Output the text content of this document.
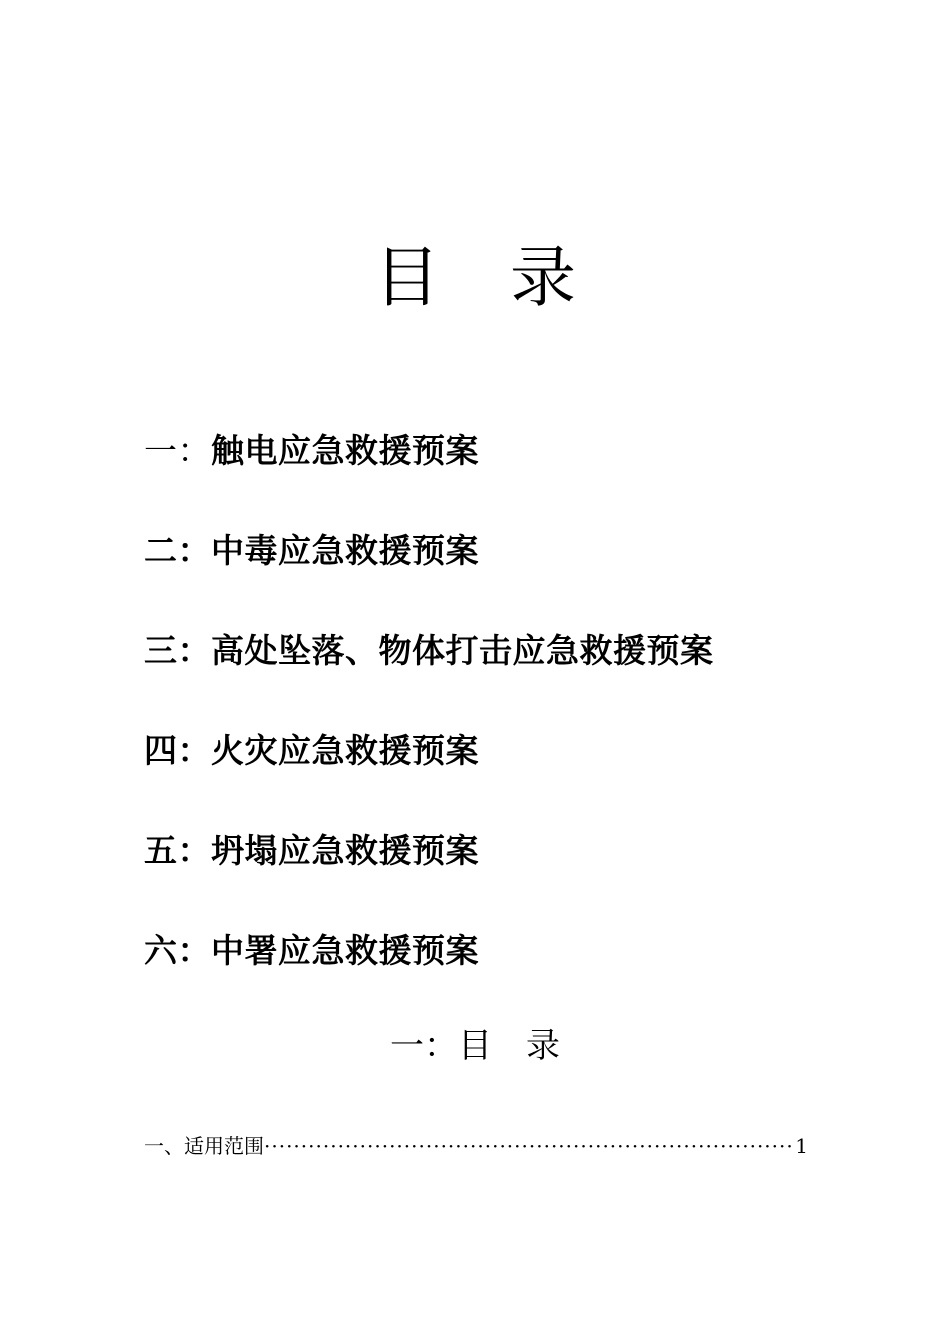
目 录
一：触电应急救援预案
二：中毒应急救援预案
三：高处坠落、物体打击应急救援预案
四：火灾应急救援预案
五：坍塌应急救援预案
六：中署应急救援预案
一：目 录
一、适用范围
·····	1
